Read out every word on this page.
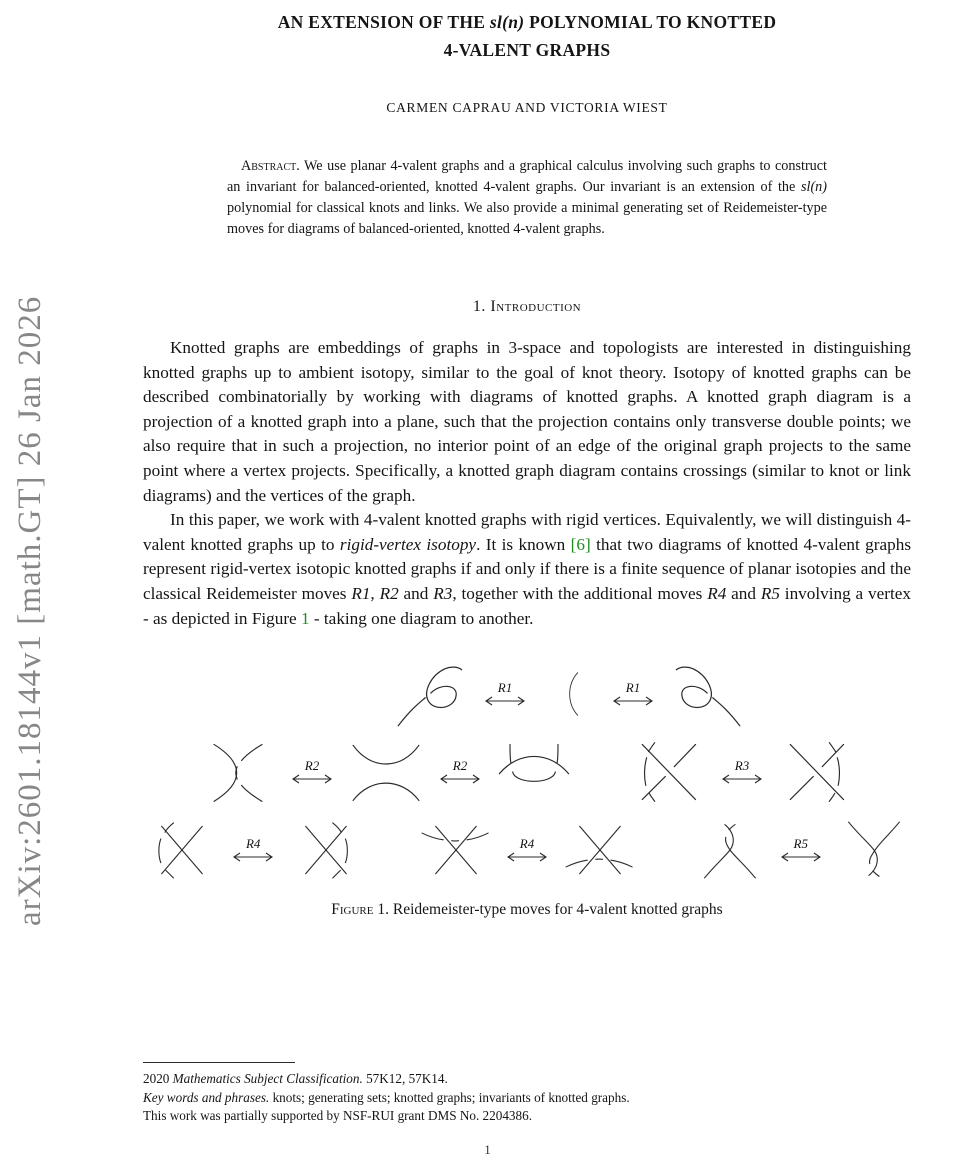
arXiv:2601.18144v1 [math.GT] 26 Jan 2026
AN EXTENSION OF THE sl(n) POLYNOMIAL TO KNOTTED
4-VALENT GRAPHS
CARMEN CAPRAU AND VICTORIA WIEST
Abstract. We use planar 4-valent graphs and a graphical calculus involving such graphs to construct an invariant for balanced-oriented, knotted 4-valent graphs. Our invariant is an extension of the sl(n) polynomial for classical knots and links. We also provide a minimal generating set of Reidemeister-type moves for diagrams of balanced-oriented, knotted 4-valent graphs.
1. Introduction

Knotted graphs are embeddings of graphs in 3-space and topologists are interested in distinguishing knotted graphs up to ambient isotopy, similar to the goal of knot theory. Isotopy of knotted graphs can be described combinatorially by working with diagrams of knotted graphs. A knotted graph diagram is a projection of a knotted graph into a plane, such that the projection contains only transverse double points; we also require that in such a projection, no interior point of an edge of the original graph projects to the same point where a vertex projects. Specifically, a knotted graph diagram contains crossings (similar to knot or link diagrams) and the vertices of the graph.

In this paper, we work with 4-valent knotted graphs with rigid vertices. Equivalently, we will distinguish 4-valent knotted graphs up to rigid-vertex isotopy. It is known [6] that two diagrams of knotted 4-valent graphs represent rigid-vertex isotopic knotted graphs if and only if there is a finite sequence of planar isotopies and the classical Reidemeister moves R1, R2 and R3, together with the additional moves R4 and R5 involving a vertex - as depicted in Figure 1 - taking one diagram to another.

R1	R1
R2	R2	R3
R4	R4	R5
Figure 1. Reidemeister-type moves for 4-valent knotted graphs
2020 Mathematics Subject Classification. 57K12, 57K14.
Key words and phrases. knots; generating sets; knotted graphs; invariants of knotted graphs.
This work was partially supported by NSF-RUI grant DMS No. 2204386.
1
